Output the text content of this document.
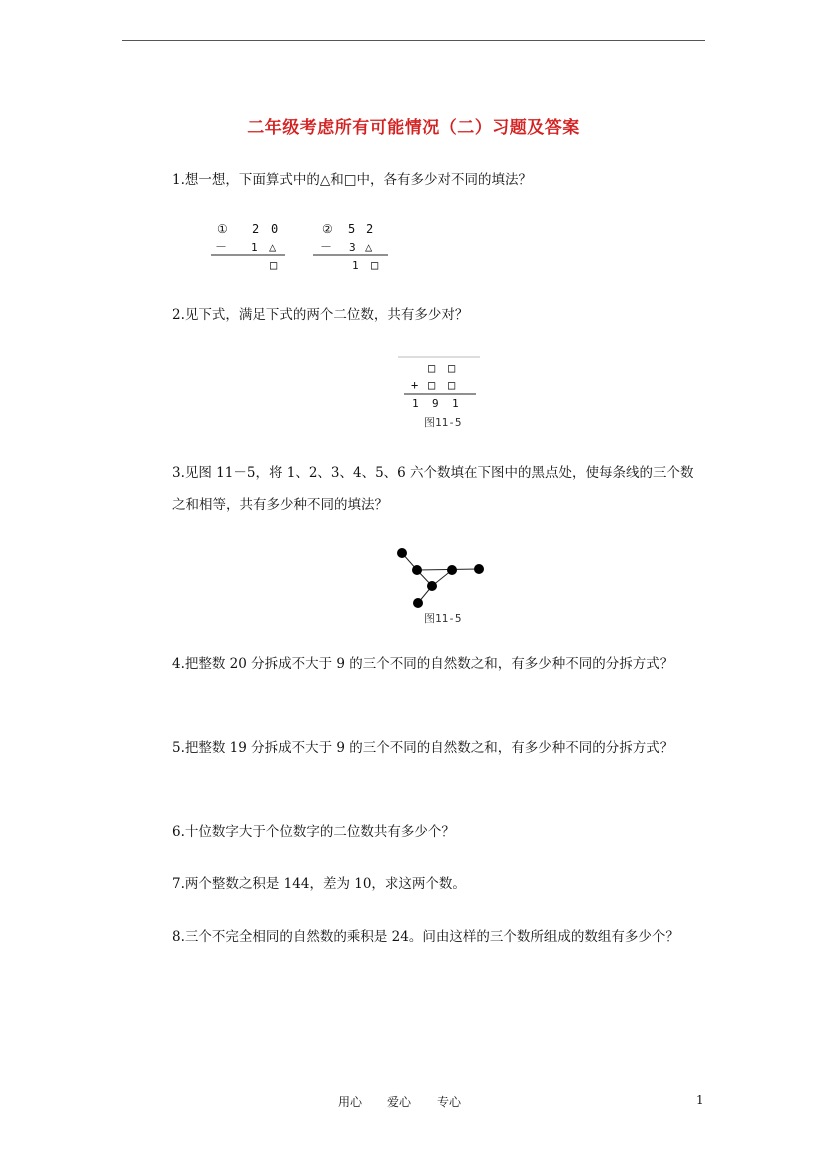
二年级考虑所有可能情况（二）习题及答案
1.想一想，下面算式中的△和□中，各有多少对不同的填法？
① 2 0
－ 1 △
□
② 5 2
－ 3 △
1 □
2.见下式，满足下式的两个二位数，共有多少对？
□ □
+ □ □
1 9 1
图11-5
3.见图 11－5，将 1、2、3、4、5、6 六个数填在下图中的黑点处，使每条线的三个数之和相等，共有多少种不同的填法？
图11-5
4.把整数 20 分拆成不大于 9 的三个不同的自然数之和，有多少种不同的分拆方式？
5.把整数 19 分拆成不大于 9 的三个不同的自然数之和，有多少种不同的分拆方式？
6.十位数字大于个位数字的二位数共有多少个？
7.两个整数之积是 144，差为 10，求这两个数。
8.三个不完全相同的自然数的乘积是 24。问由这样的三个数所组成的数组有多少个？
用心 爱心 专心	1
